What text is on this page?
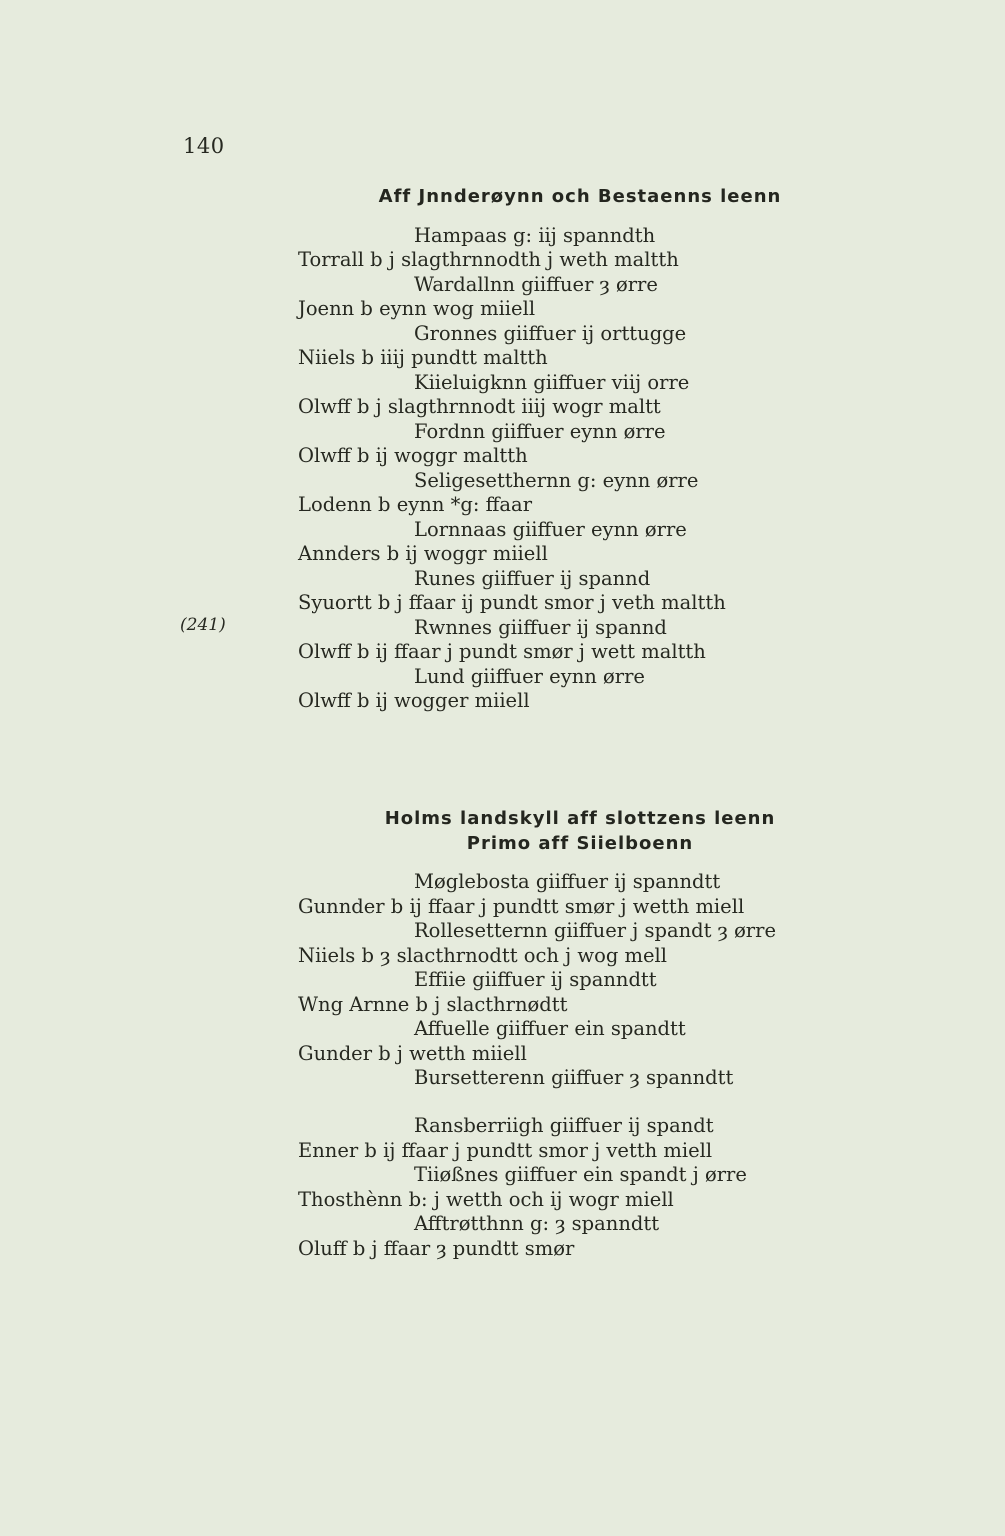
140
Aff Jnnderøynn och Bestaenns leenn
Hampaas g: iij spanndth
Torrall b j slagthrnnodth j weth maltth
Wardallnn giiffuer ȝ ørre
Joenn b eynn wog miiell
Gronnes giiffuer ij orttugge
Niiels b iiij pundtt maltth
Kiieluigknn giiffuer viij orre
Olwff b j slagthrnnodt iiij wogr maltt
Fordnn giiffuer eynn ørre
Olwff b ij woggr maltth
Seligesetthernn g: eynn ørre
Lodenn b eynn *g: ffaar
Lornnaas giiffuer eynn ørre
Annders b ij woggr miiell
Runes giiffuer ij spannd
Syuortt b j ffaar ij pundt smor j veth maltth
(241)	Rwnnes giiffuer ij spannd
Olwff b ij ffaar j pundt smør j wett maltth
Lund giiffuer eynn ørre
Olwff b ij wogger miiell
Holms landskyll aff slottzens leenn
Primo aff Siielboenn
Møglebosta giiffuer ij spanndtt
Gunnder b ij ffaar j pundtt smør j wetth miell
Rollesetternn giiffuer j spandt ȝ ørre
Niiels b ȝ slacthrnodtt och j wog mell
Effiie giiffuer ij spanndtt
Wng Arnne b j slacthrnødtt
Affuelle giiffuer ein spandtt
Gunder b j wetth miiell
Bursetterenn giiffuer ȝ spanndtt
Ransberriigh giiffuer ij spandt
Enner b ij ffaar j pundtt smor j vetth miell
Tiiøßnes giiffuer ein spandt j ørre
Thosthènn b: j wetth och ij wogr miell
Afftrøtthnn g: ȝ spanndtt
Oluff b j ffaar ȝ pundtt smør
